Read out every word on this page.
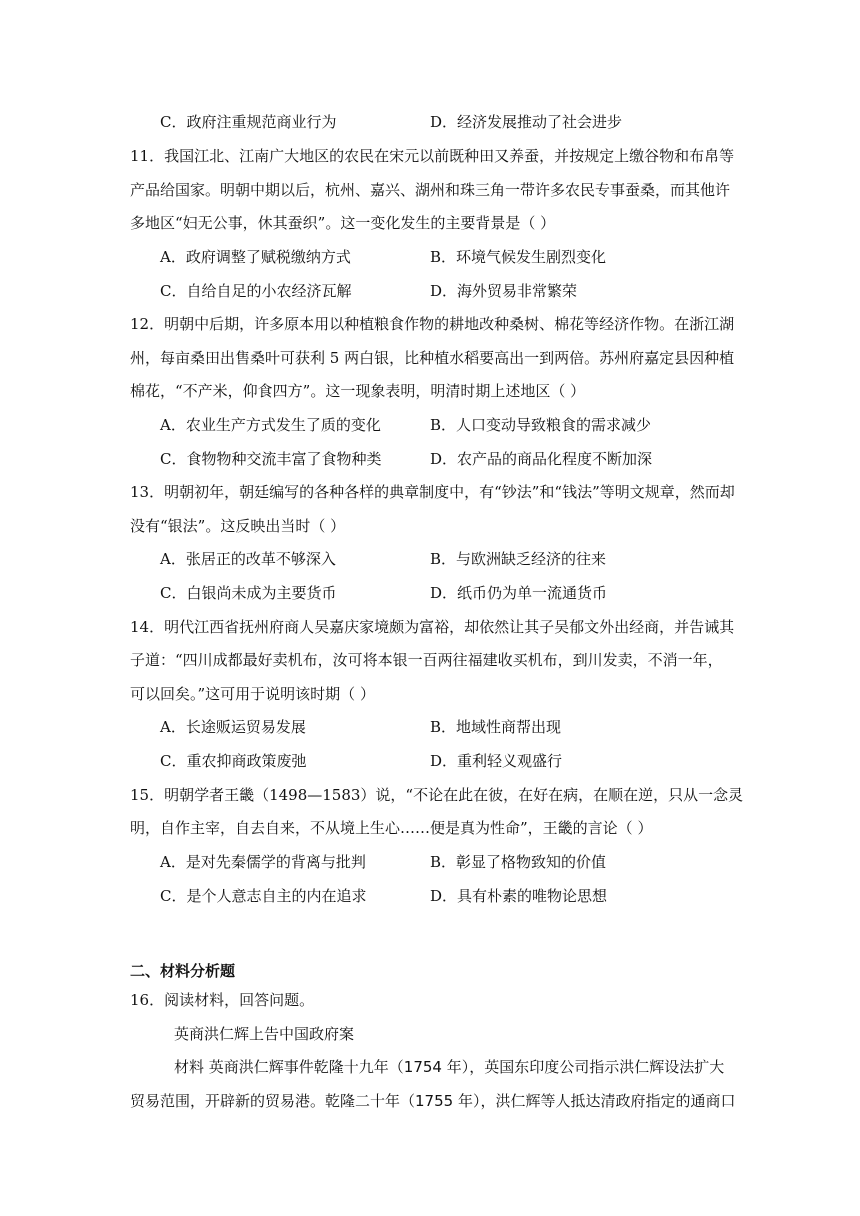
C．政府注重规范商业行为	D．经济发展推动了社会进步
11．我国江北、江南广大地区的农民在宋元以前既种田又养蚕，并按规定上缴谷物和布帛等
产品给国家。明朝中期以后，杭州、嘉兴、湖州和珠三角一带许多农民专事蚕桑，而其他许
多地区“妇无公事，休其蚕织”。这一变化发生的主要背景是（ ）
A．政府调整了赋税缴纳方式	B．环境气候发生剧烈变化
C．自给自足的小农经济瓦解	D．海外贸易非常繁荣
12．明朝中后期，许多原本用以种植粮食作物的耕地改种桑树、棉花等经济作物。在浙江湖
州，每亩桑田出售桑叶可获利 5 两白银，比种植水稻要高出一到两倍。苏州府嘉定县因种植
棉花，“不产米，仰食四方”。这一现象表明，明清时期上述地区（ ）
A．农业生产方式发生了质的变化	B．人口变动导致粮食的需求减少
C．食物物种交流丰富了食物种类	D．农产品的商品化程度不断加深
13．明朝初年，朝廷编写的各种各样的典章制度中，有“钞法”和“钱法”等明文规章，然而却
没有“银法”。这反映出当时（ ）
A．张居正的改革不够深入	B．与欧洲缺乏经济的往来
C．白银尚未成为主要货币	D．纸币仍为单一流通货币
14．明代江西省抚州府商人吴嘉庆家境颇为富裕，却依然让其子吴郁文外出经商，并告诫其
子道：“四川成都最好卖机布，汝可将本银一百两往福建收买机布，到川发卖，不消一年，
可以回矣。”这可用于说明该时期（ ）
A．长途贩运贸易发展	B．地域性商帮出现
C．重农抑商政策废弛	D．重利轻义观盛行
15．明朝学者王畿（1498—1583）说，“不论在此在彼，在好在病，在顺在逆，只从一念灵
明，自作主宰，自去自来，不从境上生心……便是真为性命”，王畿的言论（ ）
A．是对先秦儒学的背离与批判	B．彰显了格物致知的价值
C．是个人意志自主的内在追求	D．具有朴素的唯物论思想
二、材料分析题
16．阅读材料，回答问题。
英商洪仁辉上告中国政府案
材料 英商洪仁辉事件乾隆十九年（1754 年），英国东印度公司指示洪仁辉设法扩大
贸易范围，开辟新的贸易港。乾隆二十年（1755 年），洪仁辉等人抵达清政府指定的通商口
